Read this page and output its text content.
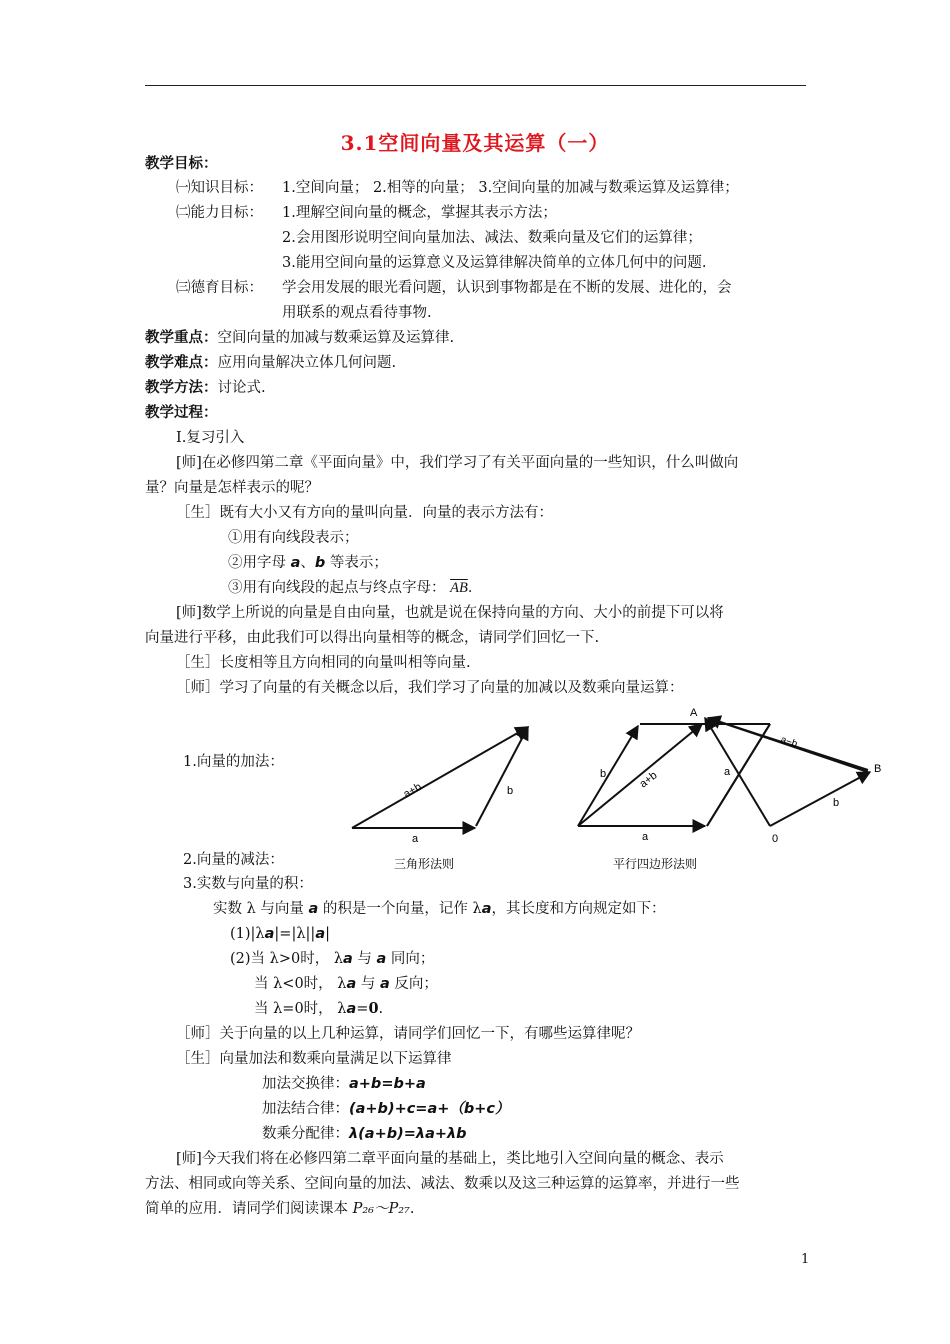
3.1空间向量及其运算（一）
教学目标：
㈠知识目标： 1.空间向量； 2.相等的向量； 3.空间向量的加减与数乘运算及运算律；
㈡能力目标： 1.理解空间向量的概念，掌握其表示方法；
2.会用图形说明空间向量加法、减法、数乘向量及它们的运算律；
3.能用空间向量的运算意义及运算律解决简单的立体几何中的问题.
㈢德育目标： 学会用发展的眼光看问题，认识到事物都是在不断的发展、进化的，会
用联系的观点看待事物.
教学重点：空间向量的加减与数乘运算及运算律.
教学难点：应用向量解决立体几何问题.
教学方法：讨论式.
教学过程：
Ⅰ.复习引入
[师]在必修四第二章《平面向量》中，我们学习了有关平面向量的一些知识，什么叫做向
量？向量是怎样表示的呢？
［生］既有大小又有方向的量叫向量．向量的表示方法有：
①用有向线段表示；
②用字母 a、b 等表示；
③用有向线段的起点与终点字母： $\overline{AB}$．
[师]数学上所说的向量是自由向量，也就是说在保持向量的方向、大小的前提下可以将
向量进行平移，由此我们可以得出向量相等的概念，请同学们回忆一下.
［生］长度相等且方向相同的向量叫相等向量.
［师］学习了向量的有关概念以后，我们学习了向量的加减以及数乘向量运算：
1.向量的加法：
a+b	b
a
三角形法则
A
B
0
a−b
b	a+b	a
a
b
平行四边形法则
2.向量的减法：
3.实数与向量的积：
实数 λ 与向量 a 的积是一个向量，记作 λa，其长度和方向规定如下：
(1)|λa|=|λ||a|
(2)当 λ>0时， λa 与 a 同向；
当 λ<0时， λa 与 a 反向；
当 λ=0时， λa=0.
［师］关于向量的以上几种运算，请同学们回忆一下，有哪些运算律呢？
［生］向量加法和数乘向量满足以下运算律
加法交换律：a+b=b+a
加法结合律：(a+b)+c=a+（b+c）
数乘分配律：λ(a+b)=λa+λb
[师]今天我们将在必修四第二章平面向量的基础上，类比地引入空间向量的概念、表示
方法、相同或向等关系、空间向量的加法、减法、数乘以及这三种运算的运算率，并进行一些
简单的应用．请同学们阅读课本 P₂₆～P₂₇.
1
